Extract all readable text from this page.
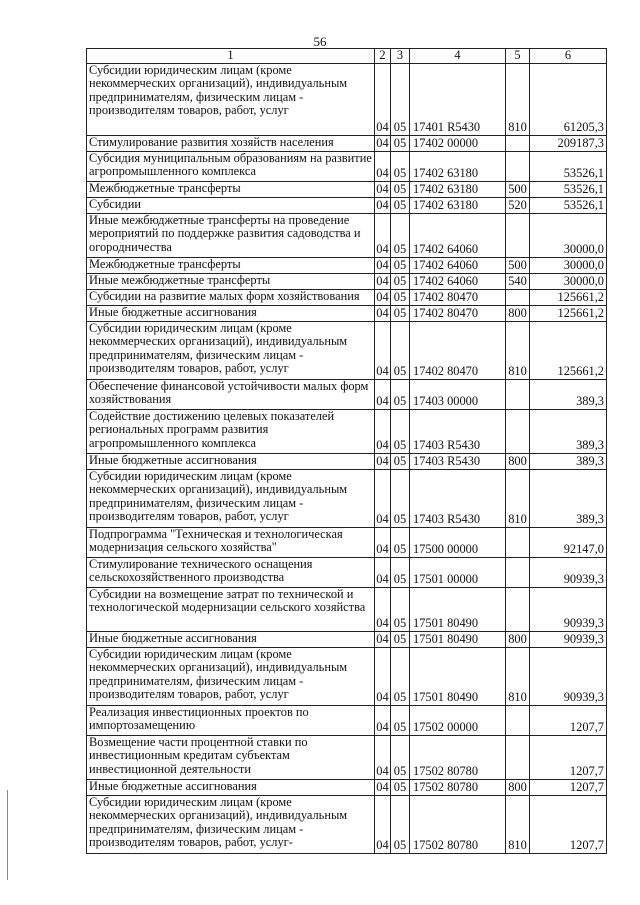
56
1	2	3	4	5	6
Субсидии юридическим лицам (кроме некоммерческих организаций), индивидуальным предпринимателям, физическим лицам - производителям товаров, работ, услуг	04	05	17401 R5430	810	61205,3
Стимулирование развития хозяйств населения	04	05	17402 00000		209187,3
Субсидия муниципальным образованиям на развитие агропромышленного комплекса	04	05	17402 63180		53526,1
Межбюджетные трансферты	04	05	17402 63180	500	53526,1
Субсидии	04	05	17402 63180	520	53526,1
Иные межбюджетные трансферты на проведение мероприятий по поддержке развития садоводства и огородничества	04	05	17402 64060		30000,0
Межбюджетные трансферты	04	05	17402 64060	500	30000,0
Иные межбюджетные трансферты	04	05	17402 64060	540	30000,0
Субсидии на развитие малых форм хозяйствования	04	05	17402 80470		125661,2
Иные бюджетные ассигнования	04	05	17402 80470	800	125661,2
Субсидии юридическим лицам (кроме некоммерческих организаций), индивидуальным предпринимателям, физическим лицам - производителям товаров, работ, услуг	04	05	17402 80470	810	125661,2
Обеспечение финансовой устойчивости малых форм хозяйствования	04	05	17403 00000		389,3
Содействие достижению целевых показателей региональных программ развития агропромышленного комплекса	04	05	17403 R5430		389,3
Иные бюджетные ассигнования	04	05	17403 R5430	800	389,3
Субсидии юридическим лицам (кроме некоммерческих организаций), индивидуальным предпринимателям, физическим лицам - производителям товаров, работ, услуг	04	05	17403 R5430	810	389,3
Подпрограмма "Техническая и технологическая модернизация сельского хозяйства"	04	05	17500 00000		92147,0
Стимулирование технического оснащения сельскохозяйственного производства	04	05	17501 00000		90939,3
Субсидии на возмещение затрат по технической и технологической модернизации сельского хозяйства	04	05	17501 80490		90939,3
Иные бюджетные ассигнования	04	05	17501 80490	800	90939,3
Субсидии юридическим лицам (кроме некоммерческих организаций), индивидуальным предпринимателям, физическим лицам - производителям товаров, работ, услуг	04	05	17501 80490	810	90939,3
Реализация инвестиционных проектов по импортозамещению	04	05	17502 00000		1207,7
Возмещение части процентной ставки по инвестиционным кредитам субъектам инвестиционной деятельности	04	05	17502 80780		1207,7
Иные бюджетные ассигнования	04	05	17502 80780	800	1207,7
Субсидии юридическим лицам (кроме некоммерческих организаций), индивидуальным предпринимателям, физическим лицам - производителям товаров, работ, услуг-	04	05	17502 80780	810	1207,7
